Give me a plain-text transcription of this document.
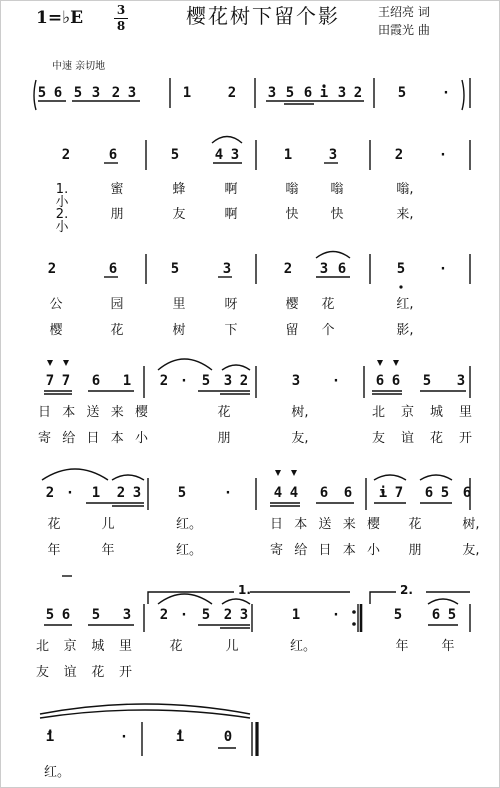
1=♭E	3
8	樱花树下留个影	王绍亮 词
田霞光 曲
中速 亲切地
1.	2.
5 6 5 3 2 3	1	2 3 5 6 i 3 2	5	·
2	6	5	4 3	1	3	2	·
1.小
蜜	蜂	啊	嗡 嗡	嗡,
2.小
朋	友	啊	快 快	来,
2	6	5	3	2 3 6	5 ·
公	园	里	呀	樱 花	红,
樱	花	树	下	留 个	影,
7 7 6 1 2 · 5 3 2	3 ·	6 6 5 3
日本送来樱	花	树,	北京城里
寄给日本小	朋	友,	友谊花开
2 · 1 2 3	5	·	4 4 6 6 i 7 6 5 6
花	儿	红。	日本送来樱 花	树,
年	年	红。	寄给日本小 朋	友,
5 6 5 3 2 · 5 2 3	1 ·	5 6 5
北京城里 花	儿	红。	年	年
友谊花开
i	·	i	0
红。
